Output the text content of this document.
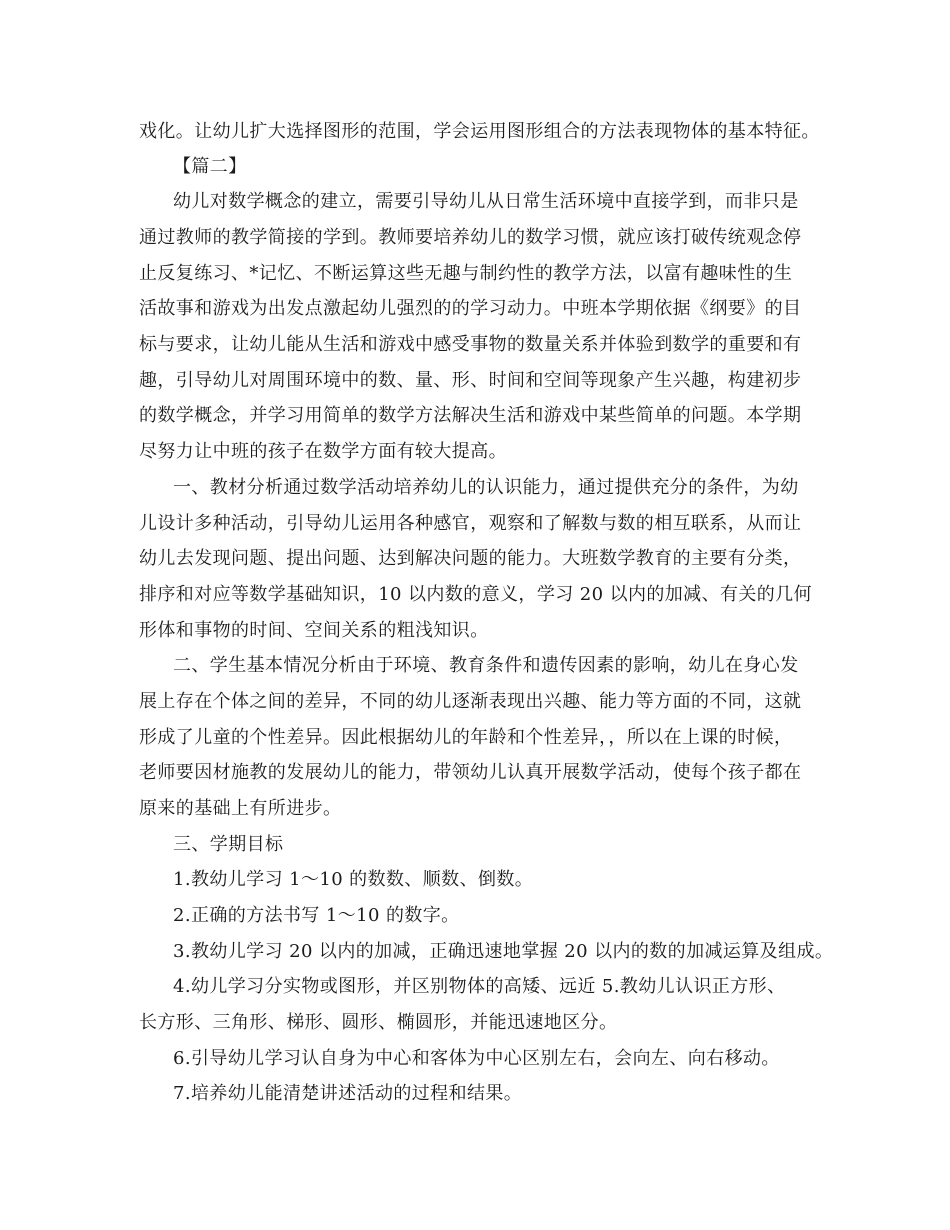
戏化。让幼儿扩大选择图形的范围，学会运用图形组合的方法表现物体的基本特征。
【篇二】
幼儿对数学概念的建立，需要引导幼儿从日常生活环境中直接学到，而非只是
通过教师的教学简接的学到。教师要培养幼儿的数学习惯，就应该打破传统观念停
止反复练习、*记忆、不断运算这些无趣与制约性的教学方法，以富有趣味性的生
活故事和游戏为出发点激起幼儿强烈的的学习动力。中班本学期依据《纲要》的目
标与要求，让幼儿能从生活和游戏中感受事物的数量关系并体验到数学的重要和有
趣，引导幼儿对周围环境中的数、量、形、时间和空间等现象产生兴趣，构建初步
的数学概念，并学习用简单的数学方法解决生活和游戏中某些简单的问题。本学期
尽努力让中班的孩子在数学方面有较大提高。
一、教材分析通过数学活动培养幼儿的认识能力，通过提供充分的条件，为幼
儿设计多种活动，引导幼儿运用各种感官，观察和了解数与数的相互联系，从而让
幼儿去发现问题、提出问题、达到解决问题的能力。大班数学教育的主要有分类，
排序和对应等数学基础知识，10 以内数的意义，学习 20 以内的加减、有关的几何
形体和事物的时间、空间关系的粗浅知识。
二、学生基本情况分析由于环境、教育条件和遗传因素的影响，幼儿在身心发
展上存在个体之间的差异，不同的幼儿逐渐表现出兴趣、能力等方面的不同，这就
形成了儿童的个性差异。因此根据幼儿的年龄和个性差异，，所以在上课的时候，
老师要因材施教的发展幼儿的能力，带领幼儿认真开展数学活动，使每个孩子都在
原来的基础上有所进步。
三、学期目标
1.教幼儿学习 1～10 的数数、顺数、倒数。
2.正确的方法书写 1～10 的数字。
3.教幼儿学习 20 以内的加减，正确迅速地掌握 20 以内的数的加减运算及组成。
4.幼儿学习分实物或图形，并区别物体的高矮、远近 5.教幼儿认识正方形、
长方形、三角形、梯形、圆形、椭圆形，并能迅速地区分。
6.引导幼儿学习认自身为中心和客体为中心区别左右，会向左、向右移动。
7.培养幼儿能清楚讲述活动的过程和结果。
